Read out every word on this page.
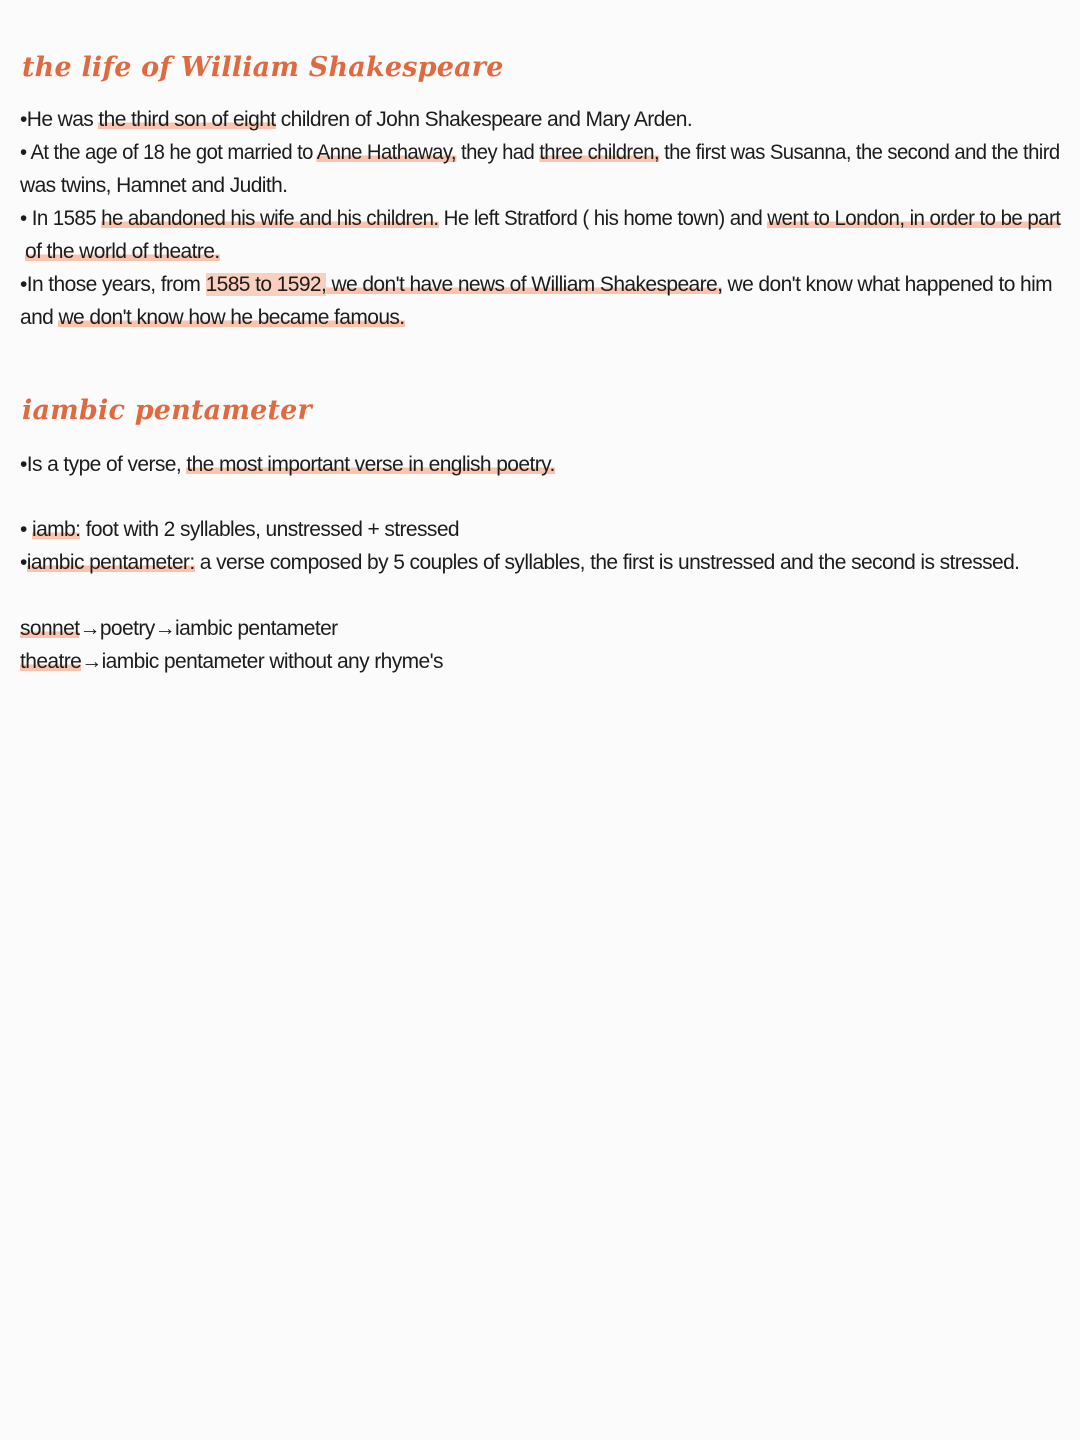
the life of William Shakespeare

•He was the third son of eight children of John Shakespeare and Mary Arden.

• At the age of 18 he got married to Anne Hathaway, they had three children, the first was Susanna, the second and the third

was twins, Hamnet and Judith.

• In 1585 he abandoned his wife and his children. He left Stratford ( his home town) and went to London, in order to be part

of the world of theatre.

•In those years, from 1585 to 1592, we don't have news of William Shakespeare, we don't know what happened to him

and we don't know how he became famous.

iambic pentameter

•Is a type of verse, the most important verse in english poetry.

• iamb: foot with 2 syllables, unstressed + stressed

•iambic pentameter: a verse composed by 5 couples of syllables, the first is unstressed and the second is stressed.

sonnet→poetry→iambic pentameter

theatre→iambic pentameter without any rhyme's
